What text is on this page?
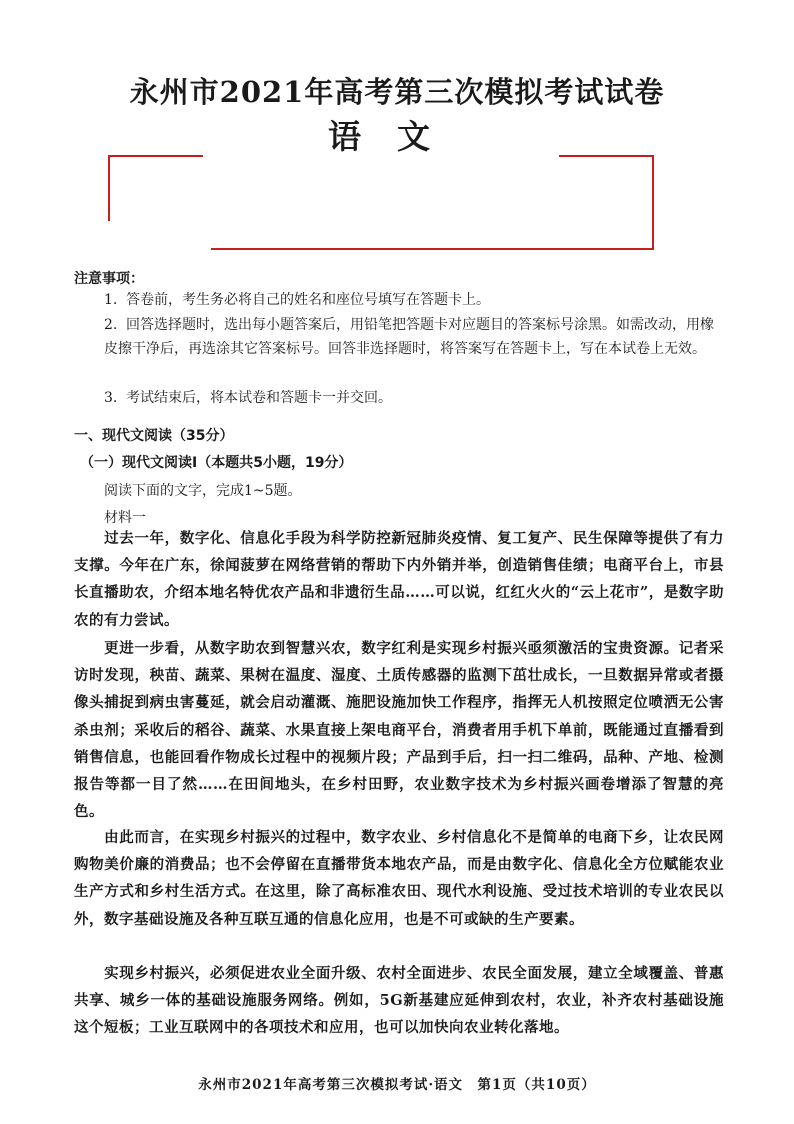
永州市2021年高考第三次模拟考试试卷
语文
注意事项：
1. 答卷前，考生务必将自己的姓名和座位号填写在答题卡上。
2. 回答选择题时，选出每小题答案后，用铅笔把答题卡对应题目的答案标号涂黑。如需改动，用橡皮擦干净后，再选涂其它答案标号。回答非选择题时，将答案写在答题卡上，写在本试卷上无效。
3. 考试结束后，将本试卷和答题卡一并交回。
一、现代文阅读（35分）
（一）现代文阅读Ⅰ（本题共5小题，19分）
阅读下面的文字，完成1~5题。
材料一
过去一年，数字化、信息化手段为科学防控新冠肺炎疫情、复工复产、民生保障等提供了有力支撑。今年在广东，徐闻菠萝在网络营销的帮助下内外销并举，创造销售佳绩；电商平台上，市县长直播助农，介绍本地名特优农产品和非遗衍生品……可以说，红红火火的“云上花市”，是数字助农的有力尝试。
更进一步看，从数字助农到智慧兴农，数字红利是实现乡村振兴亟须激活的宝贵资源。记者采访时发现，秧苗、蔬菜、果树在温度、湿度、土质传感器的监测下茁壮成长，一旦数据异常或者摄像头捕捉到病虫害蔓延，就会启动灌溉、施肥设施加快工作程序，指挥无人机按照定位喷洒无公害杀虫剂；采收后的稻谷、蔬菜、水果直接上架电商平台，消费者用手机下单前，既能通过直播看到销售信息，也能回看作物成长过程中的视频片段；产品到手后，扫一扫二维码，品种、产地、检测报告等都一目了然……在田间地头，在乡村田野，农业数字技术为乡村振兴画卷增添了智慧的亮色。
由此而言，在实现乡村振兴的过程中，数字农业、乡村信息化不是简单的电商下乡，让农民网购物美价廉的消费品；也不会停留在直播带货本地农产品，而是由数字化、信息化全方位赋能农业生产方式和乡村生活方式。在这里，除了高标准农田、现代水利设施、受过技术培训的专业农民以外，数字基础设施及各种互联互通的信息化应用，也是不可或缺的生产要素。
实现乡村振兴，必须促进农业全面升级、农村全面进步、农民全面发展，建立全域覆盖、普惠共享、城乡一体的基础设施服务网络。例如，5G新基建应延伸到农村，农业，补齐农村基础设施这个短板；工业互联网中的各项技术和应用，也可以加快向农业转化落地。
永州市2021年高考第三次模拟考试·语文　第1页（共10页）
